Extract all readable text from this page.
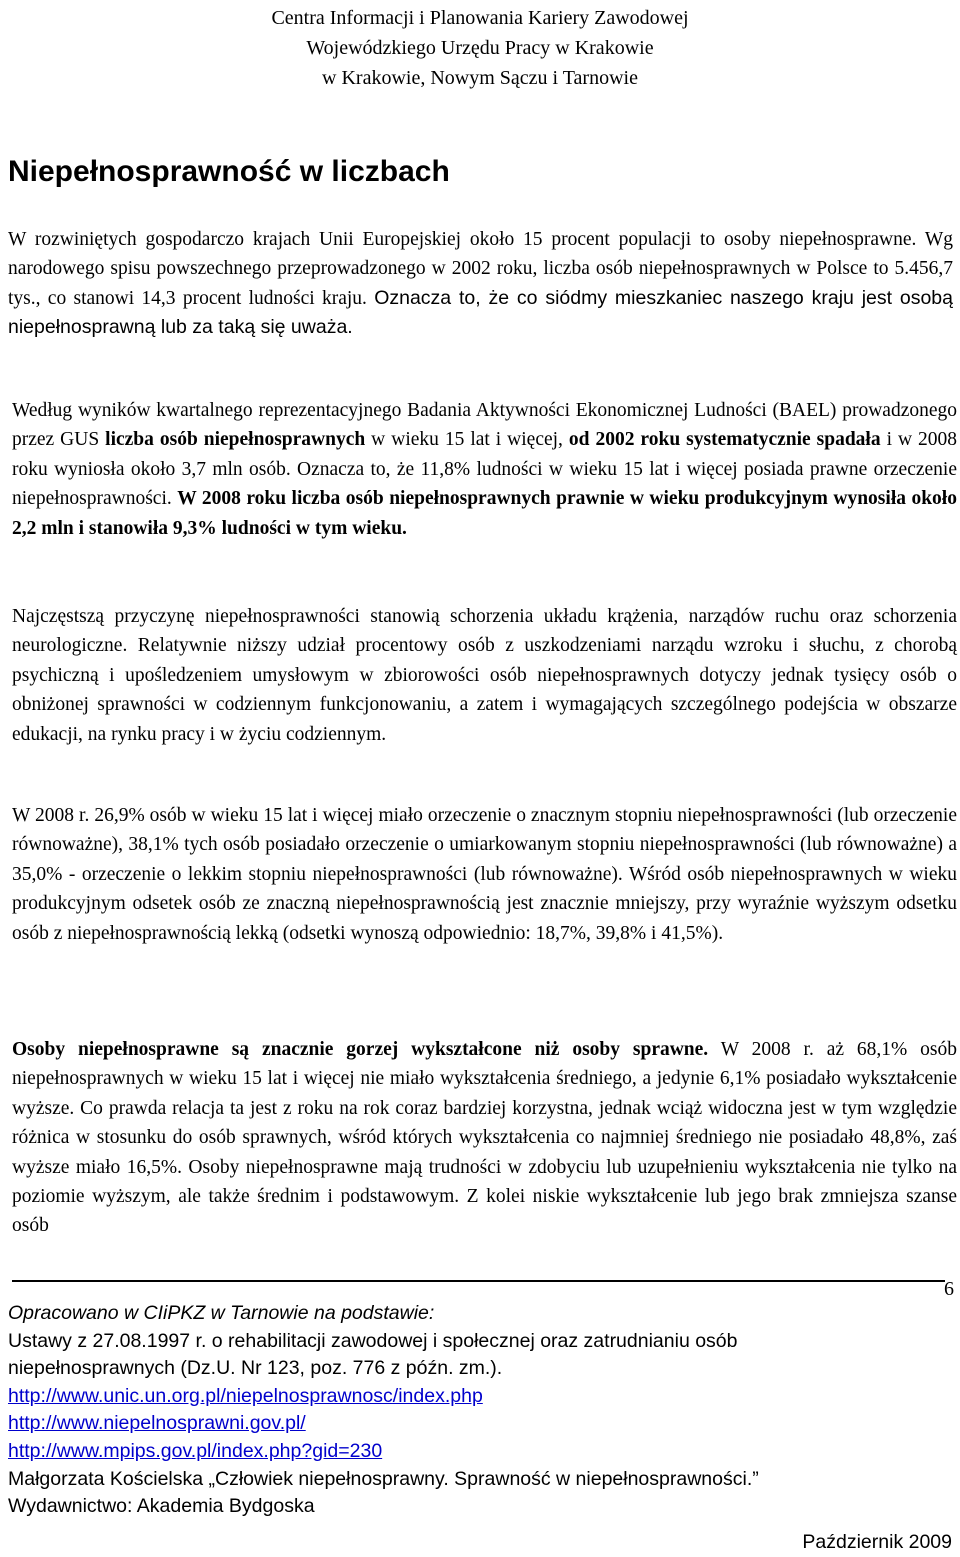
Centra Informacji i Planowania Kariery Zawodowej
Wojewódzkiego Urzędu Pracy w Krakowie
w Krakowie, Nowym Sączu i Tarnowie
Niepełnosprawność w liczbach
W rozwiniętych gospodarczo krajach Unii Europejskiej około 15 procent populacji to osoby niepełnosprawne. Wg narodowego spisu powszechnego przeprowadzonego w 2002 roku, liczba osób niepełnosprawnych w Polsce to 5.456,7 tys., co stanowi 14,3 procent ludności kraju. Oznacza to, że co siódmy mieszkaniec naszego kraju jest osobą niepełnosprawną lub za taką się uważa.
Według wyników kwartalnego reprezentacyjnego Badania Aktywności Ekonomicznej Ludności (BAEL) prowadzonego przez GUS liczba osób niepełnosprawnych w wieku 15 lat i więcej, od 2002 roku systematycznie spadała i w 2008 roku wyniosła około 3,7 mln osób. Oznacza to, że 11,8% ludności w wieku 15 lat i więcej posiada prawne orzeczenie niepełnosprawności. W 2008 roku liczba osób niepełnosprawnych prawnie w wieku produkcyjnym wynosiła około 2,2 mln i stanowiła 9,3% ludności w tym wieku.
Najczęstszą przyczynę niepełnosprawności stanowią schorzenia układu krążenia, narządów ruchu oraz schorzenia neurologiczne. Relatywnie niższy udział procentowy osób z uszkodzeniami narządu wzroku i słuchu, z chorobą psychiczną i upośledzeniem umysłowym w zbiorowości osób niepełnosprawnych dotyczy jednak tysięcy osób o obniżonej sprawności w codziennym funkcjonowaniu, a zatem i wymagających szczególnego podejścia w obszarze edukacji, na rynku pracy i w życiu codziennym.
W 2008 r. 26,9% osób w wieku 15 lat i więcej miało orzeczenie o znacznym stopniu niepełnosprawności (lub orzeczenie równoważne), 38,1% tych osób posiadało orzeczenie o umiarkowanym stopniu niepełnosprawności (lub równoważne) a 35,0% - orzeczenie o lekkim stopniu niepełnosprawności (lub równoważne). Wśród osób niepełnosprawnych w wieku produkcyjnym odsetek osób ze znaczną niepełnosprawnością jest znacznie mniejszy, przy wyraźnie wyższym odsetku osób z niepełnosprawnością lekką (odsetki wynoszą odpowiednio: 18,7%, 39,8% i 41,5%).
Osoby niepełnosprawne są znacznie gorzej wykształcone niż osoby sprawne. W 2008 r. aż 68,1% osób niepełnosprawnych w wieku 15 lat i więcej nie miało wykształcenia średniego, a jedynie 6,1% posiadało wykształcenie wyższe. Co prawda relacja ta jest z roku na rok coraz bardziej korzystna, jednak wciąż widoczna jest w tym względzie różnica w stosunku do osób sprawnych, wśród których wykształcenia co najmniej średniego nie posiadało 48,8%, zaś wyższe miało 16,5%. Osoby niepełnosprawne mają trudności w zdobyciu lub uzupełnieniu wykształcenia nie tylko na poziomie wyższym, ale także średnim i podstawowym. Z kolei niskie wykształcenie lub jego brak zmniejsza szanse osób
6
Opracowano w CIiPKZ w Tarnowie na podstawie:
Ustawy z 27.08.1997 r. o rehabilitacji zawodowej i społecznej oraz zatrudnianiu osób
niepełnosprawnych (Dz.U. Nr 123, poz. 776 z późn. zm.).
http://www.unic.un.org.pl/niepelnosprawnosc/index.php
http://www.niepelnosprawni.gov.pl/
http://www.mpips.gov.pl/index.php?gid=230
Małgorzata Kościelska „Człowiek niepełnosprawny. Sprawność w niepełnosprawności.”
Wydawnictwo: Akademia Bydgoska
Październik 2009
